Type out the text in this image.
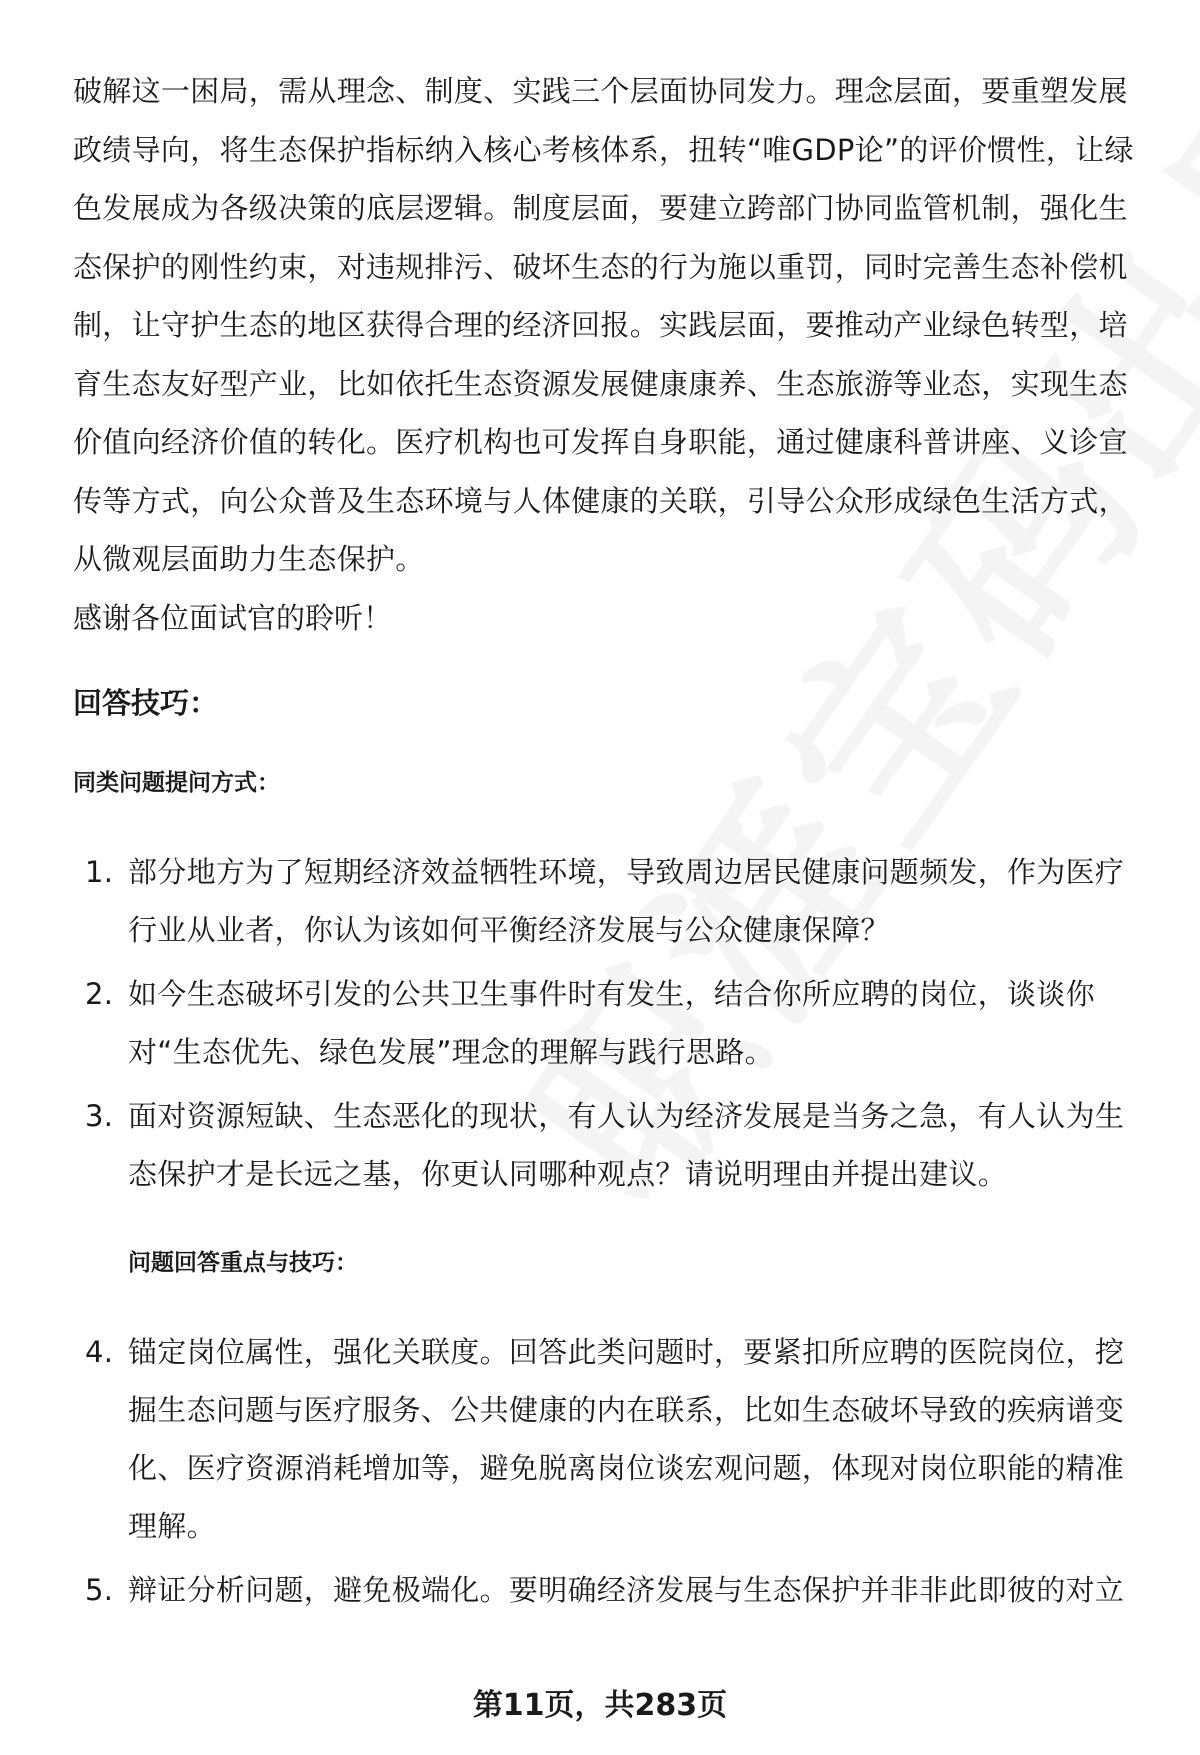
破解这一困局，需从理念、制度、实践三个层面协同发力。理念层面，要重塑发展政绩导向，将生态保护指标纳入核心考核体系，扭转“唯GDP论”的评价惯性，让绿色发展成为各级决策的底层逻辑。制度层面，要建立跨部门协同监管机制，强化生态保护的刚性约束，对违规排污、破坏生态的行为施以重罚，同时完善生态补偿机制，让守护生态的地区获得合理的经济回报。实践层面，要推动产业绿色转型，培育生态友好型产业，比如依托生态资源发展健康康养、生态旅游等业态，实现生态价值向经济价值的转化。医疗机构也可发挥自身职能，通过健康科普讲座、义诊宣传等方式，向公众普及生态环境与人体健康的关联，引导公众形成绿色生活方式，从微观层面助力生态保护。

感谢各位面试官的聆听！

回答技巧：
同类问题提问方式：
1. 部分地方为了短期经济效益牺牲环境，导致周边居民健康问题频发，作为医疗行业从业者，你认为该如何平衡经济发展与公众健康保障？
2. 如今生态破坏引发的公共卫生事件时有发生，结合你所应聘的岗位，谈谈你对“生态优先、绿色发展”理念的理解与践行思路。
3. 面对资源短缺、生态恶化的现状，有人认为经济发展是当务之急，有人认为生态保护才是长远之基，你更认同哪种观点？请说明理由并提出建议。
问题回答重点与技巧：
4. 锚定岗位属性，强化关联度。回答此类问题时，要紧扣所应聘的医院岗位，挖掘生态问题与医疗服务、公共健康的内在联系，比如生态破坏导致的疾病谱变化、医疗资源消耗增加等，避免脱离岗位谈宏观问题，体现对岗位职能的精准理解。
5. 辩证分析问题，避免极端化。要明确经济发展与生态保护并非非此即彼的对立
第11页，共283页
